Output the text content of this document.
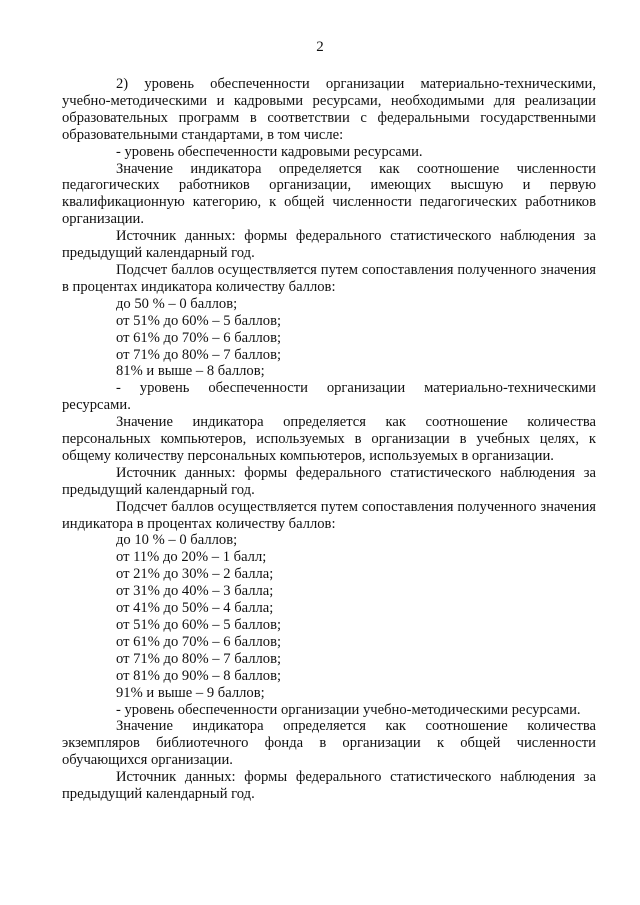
2

2) уровень обеспеченности организации материально-техническими, учебно-методическими и кадровыми ресурсами, необходимыми для реализации образовательных программ в соответствии с федеральными государственными образовательными стандартами, в том числе:

- уровень обеспеченности кадровыми ресурсами.

Значение индикатора определяется как соотношение численности педагогических работников организации, имеющих высшую и первую квалификационную категорию, к общей численности педагогических работников организации.

Источник данных: формы федерального статистического наблюдения за предыдущий календарный год.

Подсчет баллов осуществляется путем сопоставления полученного значения в процентах индикатора количеству баллов:

до 50 % – 0 баллов;

от 51% до 60% – 5 баллов;

от 61% до 70% – 6 баллов;

от 71% до 80% – 7 баллов;

81% и выше – 8 баллов;

- уровень обеспеченности организации материально-техническими ресурсами.

Значение индикатора определяется как соотношение количества персональных компьютеров, используемых в организации в учебных целях, к общему количеству персональных компьютеров, используемых в организации.

Источник данных: формы федерального статистического наблюдения за предыдущий календарный год.

Подсчет баллов осуществляется путем сопоставления полученного значения индикатора в процентах количеству баллов:

до 10 % – 0 баллов;

от 11% до 20% – 1 балл;

от 21% до 30% – 2 балла;

от 31% до 40% – 3 балла;

от 41% до 50% – 4 балла;

от 51% до 60% – 5 баллов;

от 61% до 70% – 6 баллов;

от 71% до 80% – 7 баллов;

от 81% до 90% – 8 баллов;

91% и выше – 9 баллов;

- уровень обеспеченности организации учебно-методическими ресурсами.

Значение индикатора определяется как соотношение количества экземпляров библиотечного фонда в организации к общей численности обучающихся организации.

Источник данных: формы федерального статистического наблюдения за предыдущий календарный год.
